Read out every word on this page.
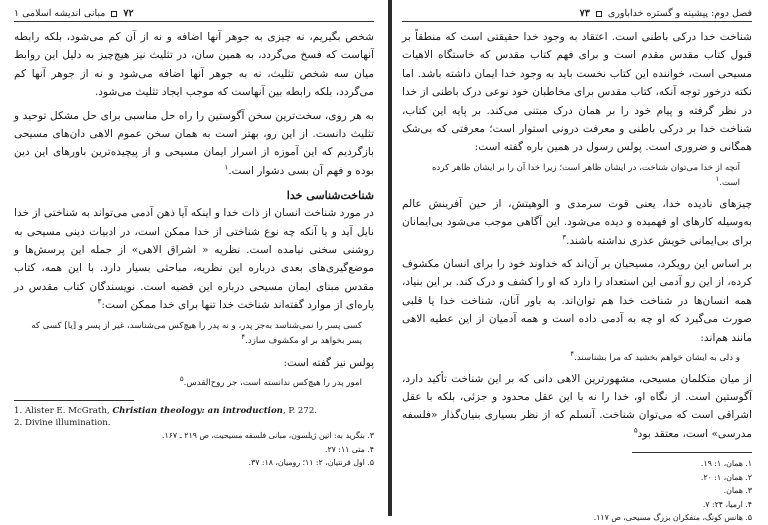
۷۲
مبانی اندیشه اسلامی ۱

شخص بگیریم، نه چیزی به جوهر آنها اضافه و نه از آن کم می‌شود، بلکه رابطه آنهاست که فسخ می‌گردد، به همین سان، در تثلیث نیز هیچ‌چیز به دلیل این روابط میان سه شخص تثلیث، نه به جوهر آنها اضافه می‌شود و نه از جوهر آنها کم می‌گردد، بلکه رابطه بین آنهاست که موجب ایجاد تثلیث می‌شود.

به هر روی، سخت‌ترین سخن آگوستین را راه حل مناسبی برای حل مشکل توحید و تثلیث دانست. از این رو، بهتر است به همان سخن عموم الاهی دان‌های مسیحی بازگردیم که این آموزه از اسرار ایمان مسیحی و از پیچیده‌ترین باورهای این دین بوده و فهم آن بسی دشوار است.$^۱$

شناخت‌شناسی خدا

در مورد شناخت انسان از ذات خدا و اینکه آیا ذهن آدمی می‌تواند به شناختی از خدا نایل آید و یا آنکه چه نوع شناختی از خدا ممکن است، در ادبیات دینی مسیحی به روشنی سخنی نیامده است. نظریه « اشراق الاهی» از جمله این پرسش‌ها و موضع‌گیری‌های بعدی درباره این نظریه، مباحثی بسیار دارد. با این همه، کتاب مقدس مبنای ایمان مسیحی درباره این قضیه است. نویسندگان کتاب مقدس در پاره‌ای از موارد گفته‌اند شناخت خدا تنها برای خدا ممکن است:$^۳$

کسی پسر را نمی‌شناسد به‌جز پدر، و نه پدر را هیچ‌کس می‌شناسد، غیر از پسر و [یا] کسی که پسر بخواهد بر او مکشوف سازد.$^۴$
پولس نیز گفته است:
امور پدر را هیچ‌کس ندانسته است، جز روح‌القدس.$^۵$
1. Alister E. McGrath, Christian theology: an introduction, P. 272.
2. Divine illumination.
۳. بنگرید به: اتین ژیلسون، مبانی فلسفه مسیحیت، ص ۲۱۹ ـ ۱۶۷.
۴. متی ۱۱: ۲۷.
۵. اول قرنتیان، ۲: ۱۱؛ رومیان، ۱۸: ۳۷.
فصل دوم: پیشینه و گستره خداباوری
۷۳

شناخت خدا درکی باطنی است. اعتقاد به وجود خدا حقیقتی است که منطقاً بر قبول کتاب مقدس مقدم است و برای فهم کتاب مقدس که خاستگاه الاهیات مسیحی است، خواننده این کتاب نخست باید به وجود خدا ایمان داشته باشد. اما نکته درخور توجه آنکه، کتاب مقدس برای مخاطبان خود نوعی درک باطنی از خدا در نظر گرفته و پیام خود را بر همان درک مبتنی می‌کند. بر پایه این کتاب، شناخت خدا بر درکی باطنی و معرفت درونی استوار است؛ معرفتی که بی‌شک همگانی و ضروری است. پولس رسول در همین باره گفته است:

آنچه از خدا می‌توان شناخت، در ایشان ظاهر است؛ زیرا خدا آن را بر ایشان ظاهر کرده است.$^۱$

چیزهای نادیده خدا، یعنی قوت سرمدی و الوهیتش، از حین آفرینش عالم به‌وسیله کارهای او فهمیده و دیده می‌شود. این آگاهی موجب می‌شود بی‌ایمانان برای بی‌ایمانی خویش عذری نداشته باشند.$^۳$

بر اساس این رویکرد، مسیحیان بر آن‌اند که خداوند خود را برای انسان مکشوف کرده، از این رو آدمی این استعداد را دارد که او را کشف و درک کند. بر این بنیاد، همه انسان‌ها در شناخت خدا هم توان‌اند. به باور آنان، شناخت خدا یا قلبی صورت می‌گیرد که او چه به آدمی داده است و همه آدمیان از این عطیه الاهی مانند هم‌اند:

و دلی به ایشان خواهم بخشید که مرا بشناسند.$^۴$

از میان متکلمان مسیحی، مشهورترین الاهی دانی که بر این شناخت تأکید دارد، آگوستین است. از نگاه او، خدا را نه با این عقل محدود و جزئی، بلکه با عقل اشراقی است که می‌توان شناخت. آنسلم که از نظر بسیاری بنیان‌گذار «فلسفه مدرسی» است، معتقد بود$^۵$

۱. همان، ۱: ۱۹.
۲. همان، ۱: ۲۰.
۳. همان.
۴. ارمیا، ۲۴: ۷.
۵. هانس کونگ، متفکران بزرگ مسیحی، ص ۱۱۷.
